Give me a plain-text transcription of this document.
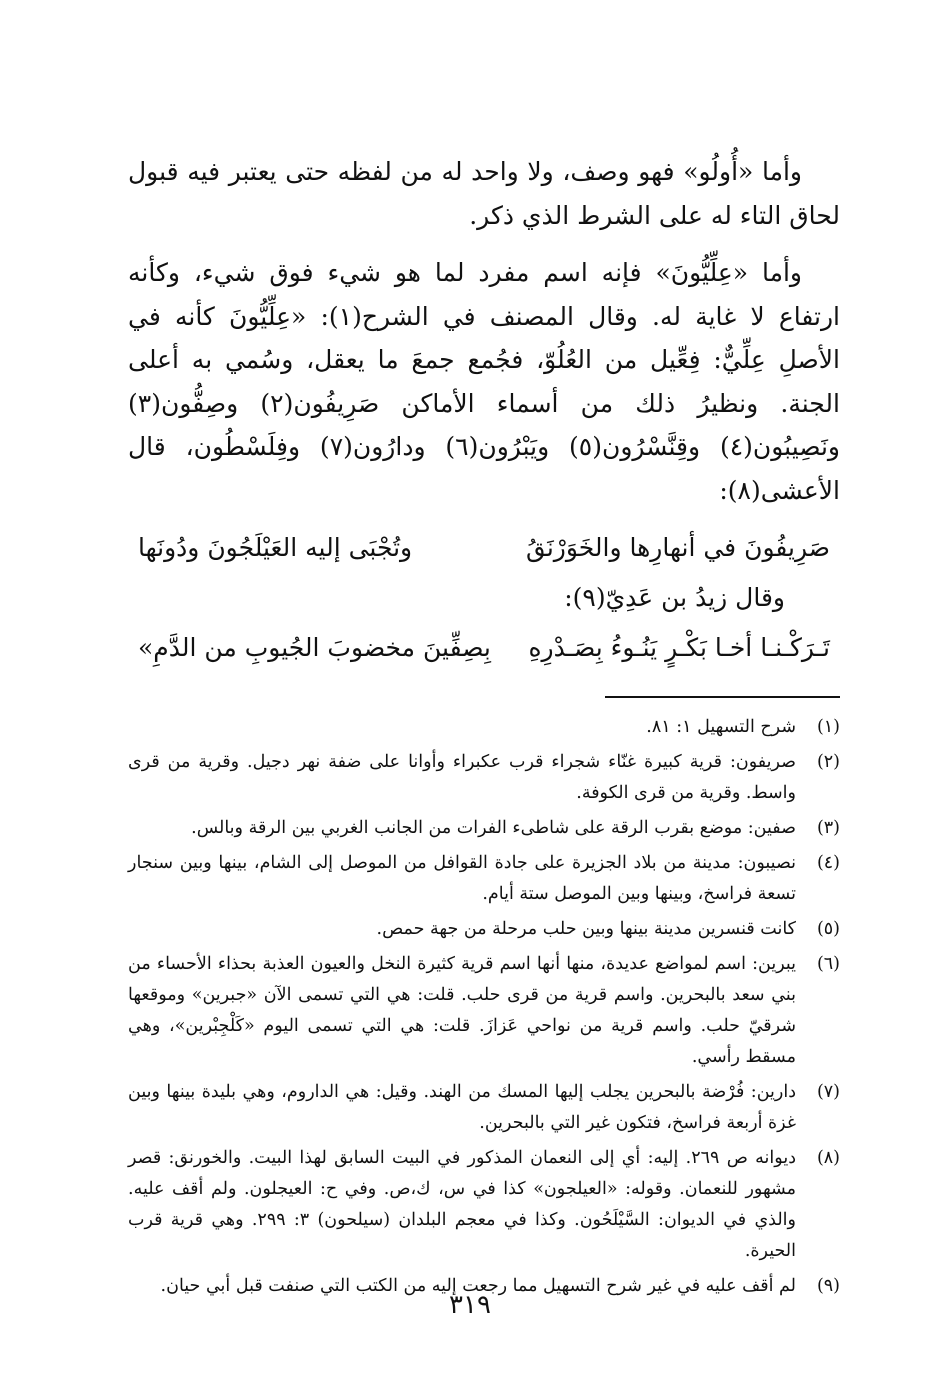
وأما «أُولُو» فهو وصف، ولا واحد له من لفظه حتى يعتبر فيه قبول لحاق التاء له على الشرط الذي ذكر.

وأما «عِلِّيُّونَ» فإنه اسم مفرد لما هو شيء فوق شيء، وكأنه ارتفاع لا غاية له. وقال المصنف في الشرح(١): «عِلِّيُّونَ كأنه في الأصلِ عِلِّيٌّ: فِعِّيل من العُلُوّ، فجُمع جمعَ ما يعقل، وسُمي به أعلى الجنة. ونظيرُ ذلك من أسماء الأماكن صَرِيفُون(٢) وصِفُّون(٣) ونَصِيبُون(٤) وقِنَّسْرُون(٥) ويَبْرُون(٦) ودارُون(٧) وفِلَسْطُون، قال الأعشى(٨):

صَرِيفُونَ في أنهارِها والخَوَرْنَقُ
وتُجْبَى إليه العَيْلَجُونَ ودُونَها
وقال زيدُ بن عَدِيّ(٩):
تَـرَكْـنـا أخـا بَكْـرٍ يَنُـوءُ بِصَـدْرِهِ
بِصِفِّينَ مخضوبَ الجُيوبِ من الدَّمِ»
(١)
شرح التسهيل ١: ٨١.
(٢)
صريفون: قرية كبيرة غنّاء شجراء قرب عكبراء وأوانا على ضفة نهر دجيل. وقرية من قرى واسط. وقرية من قرى الكوفة.
(٣)
صفين: موضع بقرب الرقة على شاطىء الفرات من الجانب الغربي بين الرقة وبالس.
(٤)
نصيبون: مدينة من بلاد الجزيرة على جادة القوافل من الموصل إلى الشام، بينها وبين سنجار تسعة فراسخ، وبينها وبين الموصل ستة أيام.
(٥)
كانت قنسرين مدينة بينها وبين حلب مرحلة من جهة حمص.
(٦)
يبرين: اسم لمواضع عديدة، منها أنها اسم قرية كثيرة النخل والعيون العذبة بحذاء الأحساء من بني سعد بالبحرين. واسم قرية من قرى حلب. قلت: هي التي تسمى الآن «جبرين» وموقعها شرقيّ حلب. واسم قرية من نواحي عَزازَ. قلت: هي التي تسمى اليوم «كَلْجِبْرين»، وهي مسقط رأسي.
(٧)
دارين: فُرْضة بالبحرين يجلب إليها المسك من الهند. وقيل: هي الداروم، وهي بليدة بينها وبين غزة أربعة فراسخ، فتكون غير التي بالبحرين.
(٨)
ديوانه ص ٢٦٩. إليه: أي إلى النعمان المذكور في البيت السابق لهذا البيت. والخورنق: قصر مشهور للنعمان. وقوله: «العيلجون» كذا في س، ك،ص. وفي ح: العيجلون. ولم أقف عليه. والذي في الديوان: السَّيْلَحُون. وكذا في معجم البلدان (سيلحون) ٣: ٢٩٩. وهي قرية قرب الحيرة.
(٩)
لم أقف عليه في غير شرح التسهيل مما رجعت إليه من الكتب التي صنفت قبل أبي حيان.
٣١٩
